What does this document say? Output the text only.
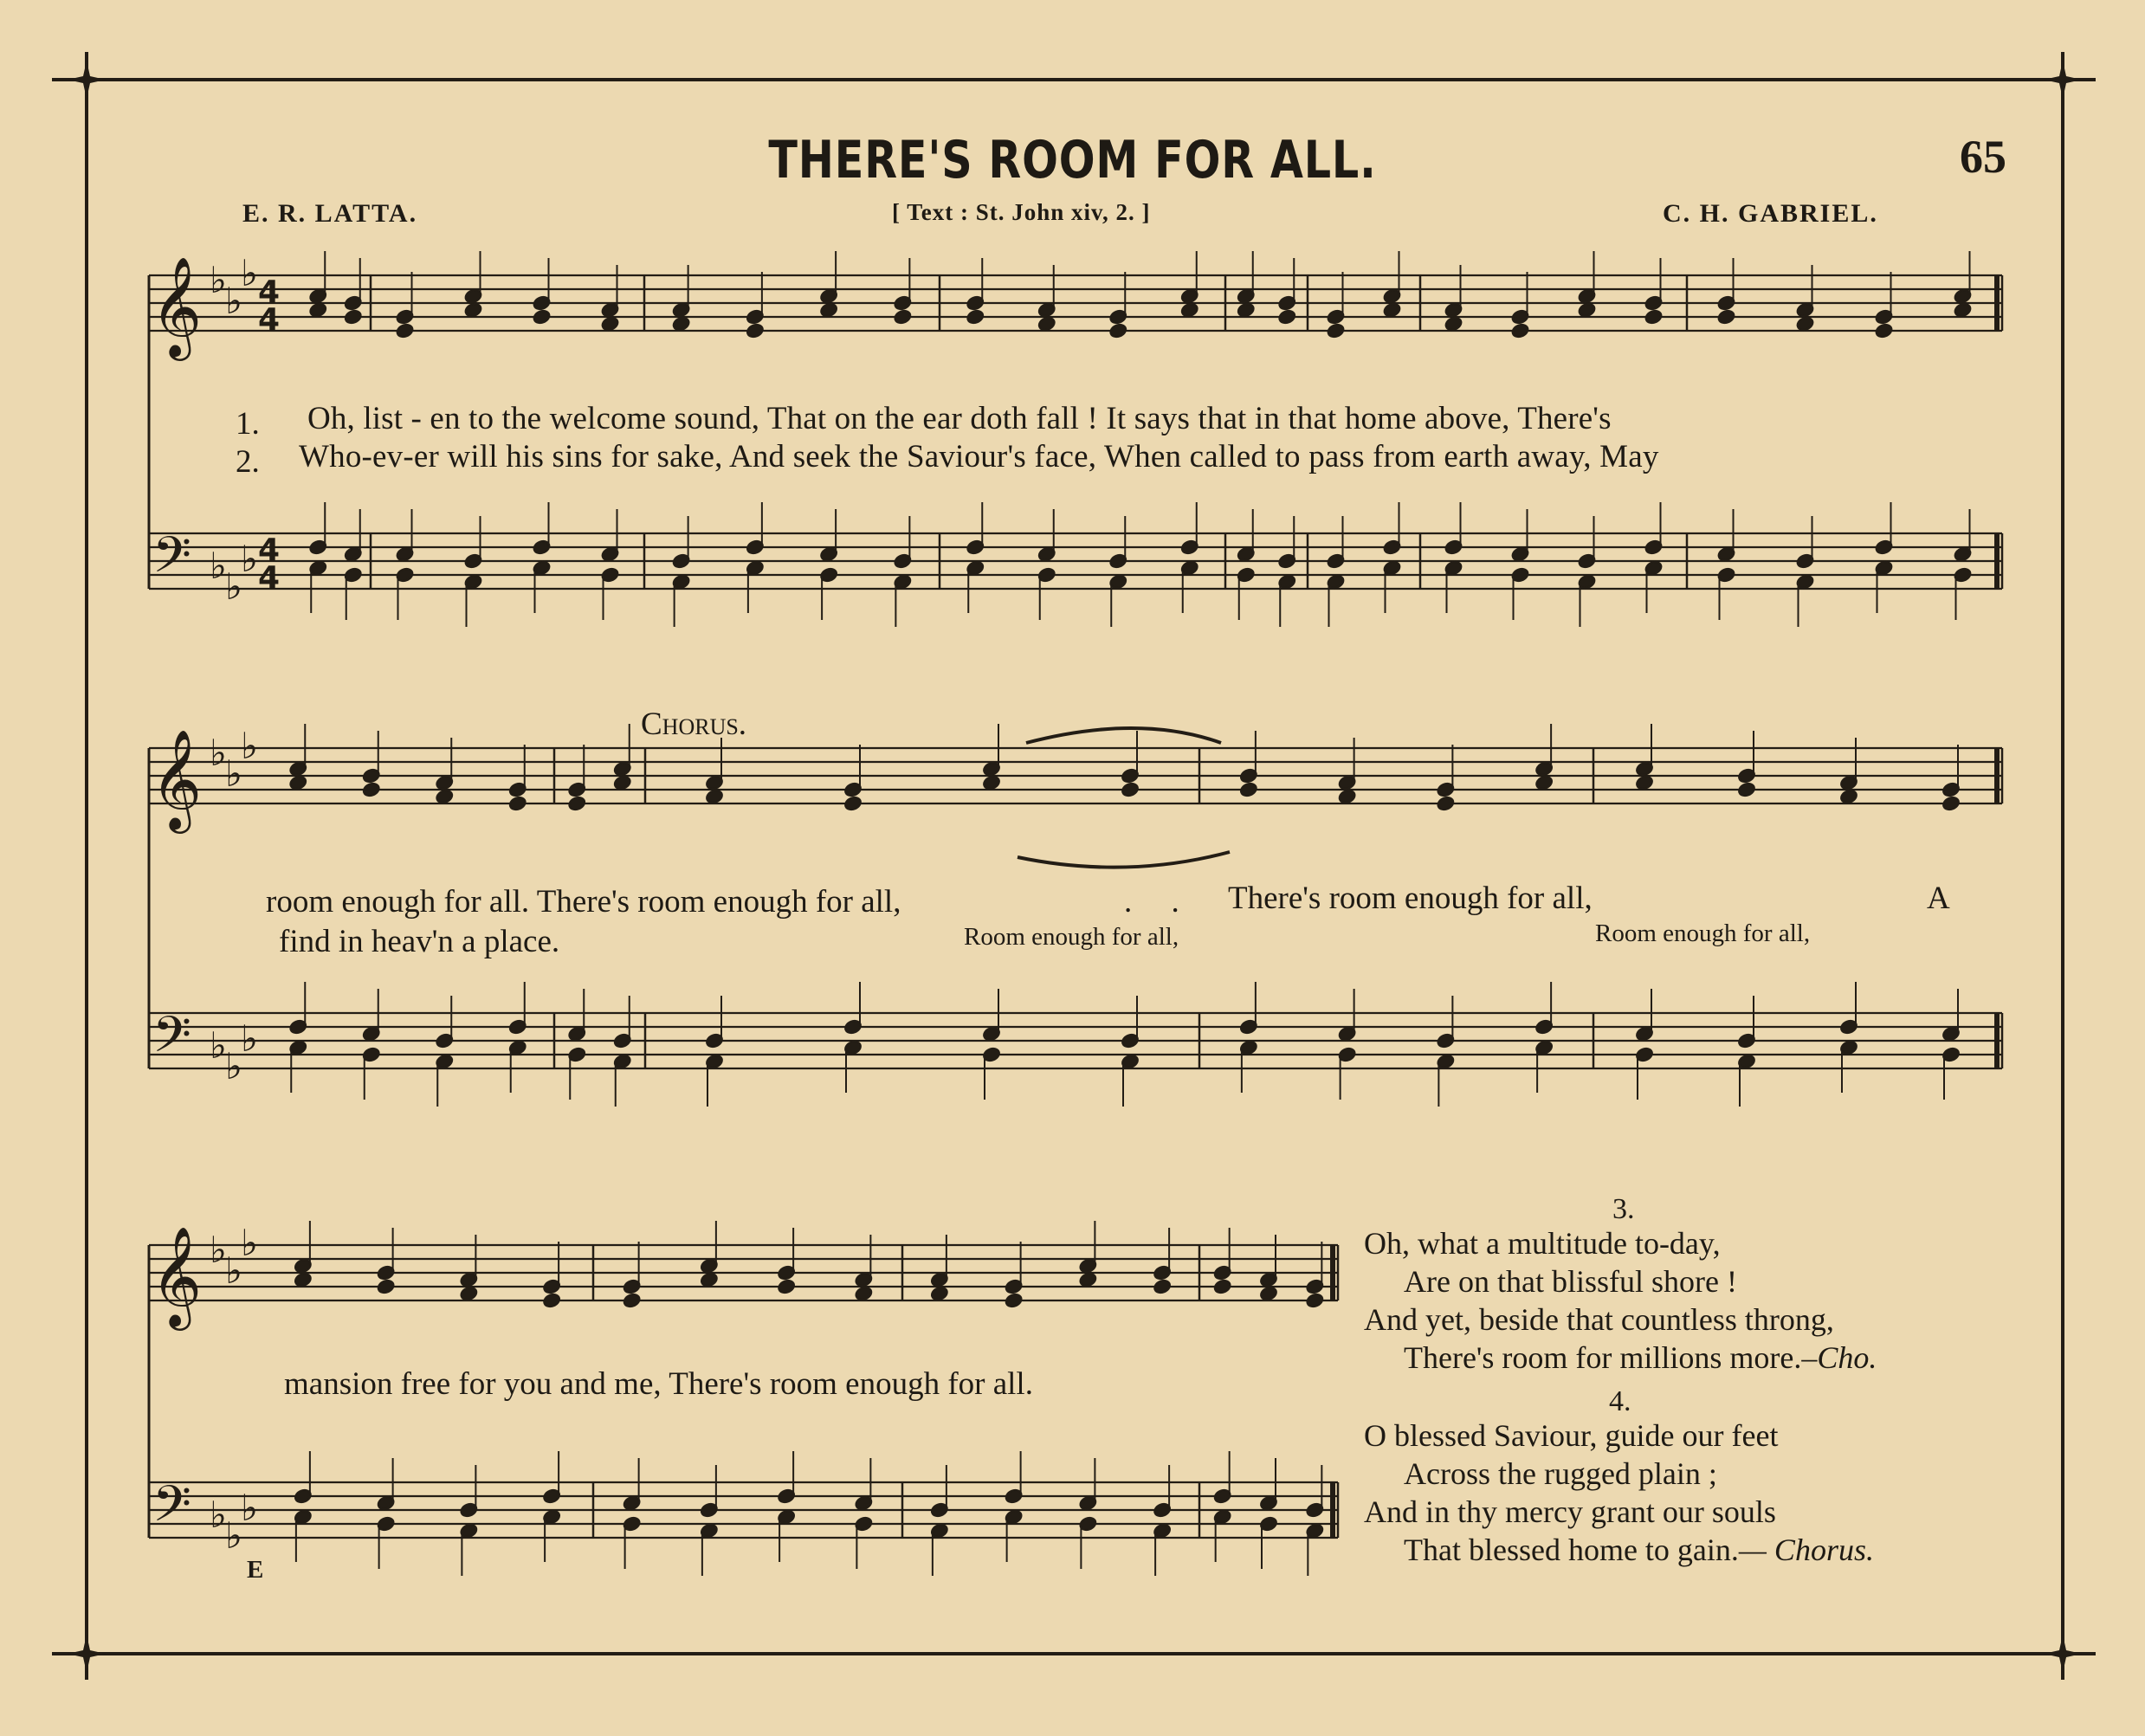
THERE'S ROOM FOR ALL.	65
E. R. LATTA.	[ Text : St. John xiv, 2. ]	C. H. GABRIEL.
𝄞
𝄢
♭
♭
♭
♭
♭
♭
4
4
4
4
𝄞
𝄢
♭
♭
♭
♭
♭
♭
𝄞
𝄢
♭
♭
♭
♭
♭
♭
1. Oh, list - en to the welcome sound, That on the ear doth fall ! It says that in that home above, There's
2. Who-ev-er will his sins for sake, And seek the Saviour's face, When called to pass from earth away, May
Chorus.
room enough for all. There's room enough for all,	. . There's room enough for all,	A
find in heav'n a place.	Room enough for all,	Room enough for all,
mansion free for you and me, There's room enough for all.
E
3.
Oh, what a multitude to-day,
Are on that blissful shore !
And yet, beside that countless throng,
There's room for millions more.–Cho.
4.
O blessed Saviour, guide our feet
Across the rugged plain ;
And in thy mercy grant our souls
That blessed home to gain.— Chorus.
